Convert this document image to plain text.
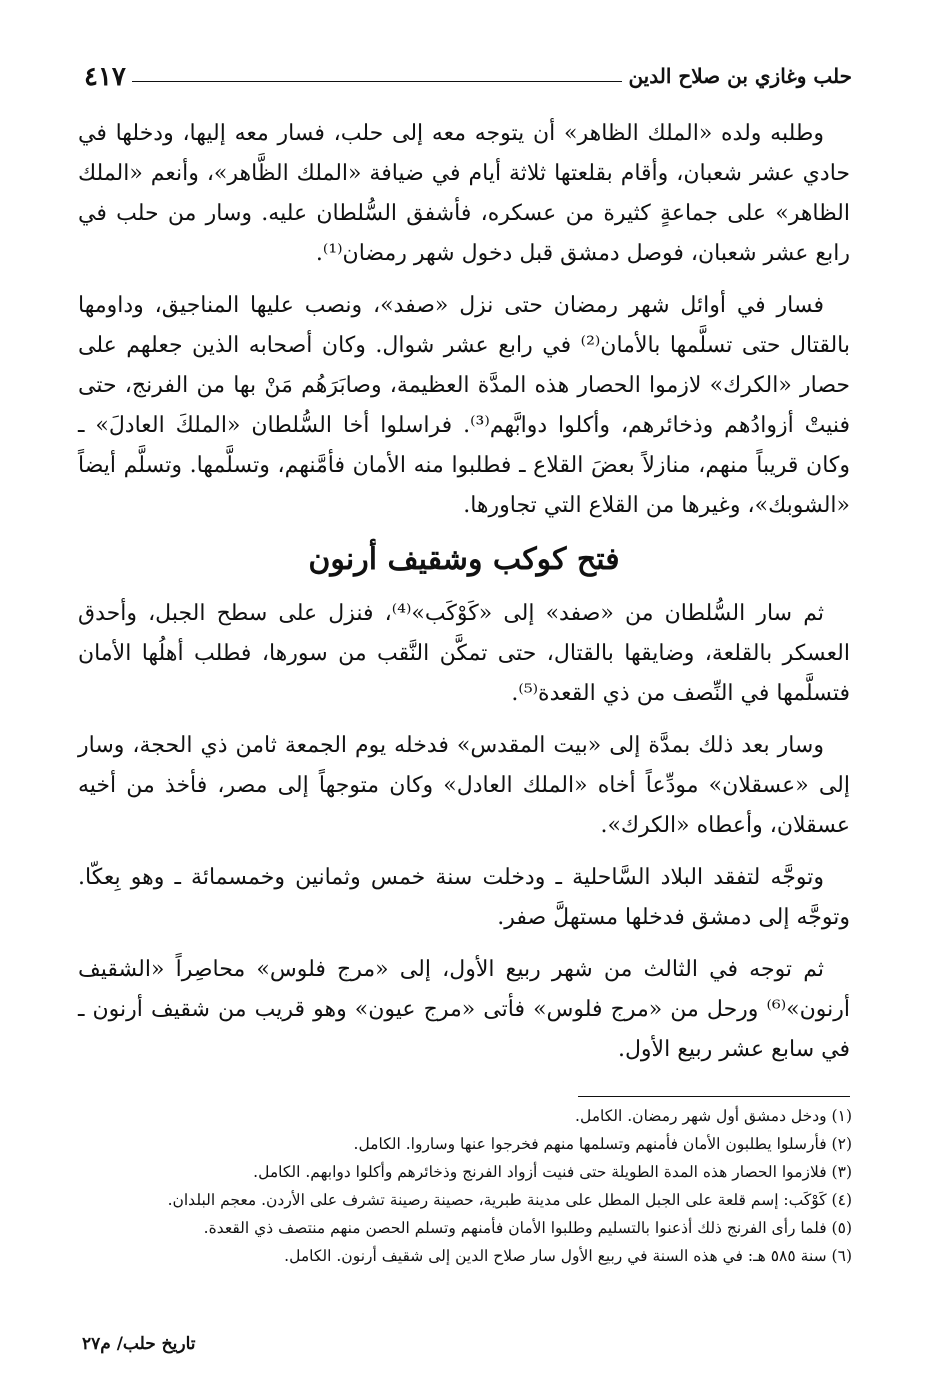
حلب وغازي بن صلاح الدين
٤١٧

وطلبه ولده «الملك الظاهر» أن يتوجه معه إلى حلب، فسار معه إليها، ودخلها في حادي عشر شعبان، وأقام بقلعتها ثلاثة أيام في ضيافة «الملك الظَّاهر»، وأنعم «الملك الظاهر» على جماعةٍ كثيرة من عسكره، فأشفق السُّلطان عليه. وسار من حلب في رابع عشر شعبان، فوصل دمشق قبل دخول شهر رمضان⁽¹⁾.

فسار في أوائل شهر رمضان حتى نزل «صفد»، ونصب عليها المناجيق، وداومها بالقتال حتى تسلَّمها بالأمان⁽²⁾ في رابع عشر شوال. وكان أصحابه الذين جعلهم على حصار «الكرك» لازموا الحصار هذه المدَّة العظيمة، وصابَرَهُم مَنْ بها من الفرنج، حتى فنيتْ أزوادُهم وذخائرهم، وأكلوا دوابَّهم⁽³⁾. فراسلوا أخا السُّلطان «الملكَ العادلَ» ـ وكان قريباً منهم، منازلاً بعضَ القلاع ـ فطلبوا منه الأمان فأمَّنهم، وتسلَّمها. وتسلَّم أيضاً «الشوبك»، وغيرها من القلاع التي تجاورها.

فتح كوكب وشقيف أرنون

ثم سار السُّلطان من «صفد» إلى «كَوْكَب»⁽⁴⁾، فنزل على سطح الجبل، وأحدق العسكر بالقلعة، وضايقها بالقتال، حتى تمكَّن النَّقب من سورها، فطلب أهلُها الأمان فتسلَّمها في النِّصف من ذي القعدة⁽⁵⁾.

وسار بعد ذلك بمدَّة إلى «بيت المقدس» فدخله يوم الجمعة ثامن ذي الحجة، وسار إلى «عسقلان» مودِّعاً أخاه «الملك العادل» وكان متوجهاً إلى مصر، فأخذ من أخيه عسقلان، وأعطاه «الكرك».

وتوجَّه لتفقد البلاد السَّاحلية ـ ودخلت سنة خمس وثمانين وخمسمائة ـ وهو بِعكّا. وتوجَّه إلى دمشق فدخلها مستهلَّ صفر.

ثم توجه في الثالث من شهر ربيع الأول، إلى «مرج فلوس» محاصِراً «الشقيف أرنون»⁽⁶⁾ ورحل من «مرج فلوس» فأتى «مرج عيون» وهو قريب من شقيف أرنون ـ في سابع عشر ربيع الأول.

(١) ودخل دمشق أول شهر رمضان. الكامل.

(٢) فأرسلوا يطلبون الأمان فأمنهم وتسلمها منهم فخرجوا عنها وساروا. الكامل.

(٣) فلازموا الحصار هذه المدة الطويلة حتى فنيت أزواد الفرنج وذخائرهم وأكلوا دوابهم. الكامل.

(٤) كَوْكَب: إسم قلعة على الجبل المطل على مدينة طبرية، حصينة رصينة تشرف على الأردن. معجم البلدان.

(٥) فلما رأى الفرنج ذلك أذعنوا بالتسليم وطلبوا الأمان فأمنهم وتسلم الحصن منهم منتصف ذي القعدة.

(٦) سنة ٥٨٥ هـ: في هذه السنة في ربيع الأول سار صلاح الدين إلى شقيف أرنون. الكامل.

تاريخ حلب/ م٢٧
